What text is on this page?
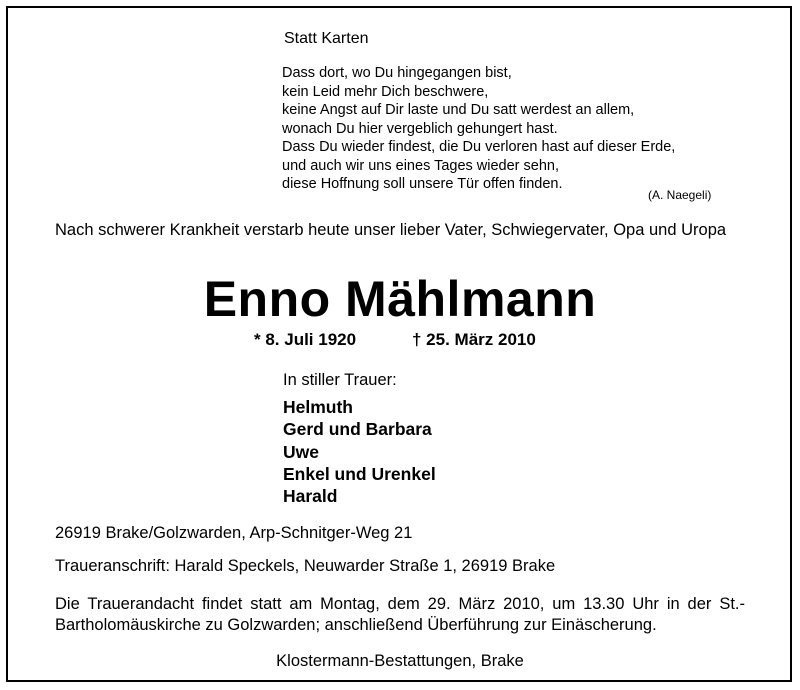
Statt Karten
Dass dort, wo Du hingegangen bist,
kein Leid mehr Dich beschwere,
keine Angst auf Dir laste und Du satt werdest an allem,
wonach Du hier vergeblich gehungert hast.
Dass Du wieder findest, die Du verloren hast auf dieser Erde,
und auch wir uns eines Tages wieder sehn,
diese Hoffnung soll unsere Tür offen finden.
(A. Naegeli)
Nach schwerer Krankheit verstarb heute unser lieber Vater, Schwiegervater, Opa und Uropa
Enno Mählmann
* 8. Juli 1920	† 25. März 2010
In stiller Trauer:
Helmuth
Gerd und Barbara
Uwe
Enkel und Urenkel
Harald
26919 Brake/Golzwarden, Arp-Schnitger-Weg 21
Traueranschrift: Harald Speckels, Neuwarder Straße 1, 26919 Brake
Die Trauerandacht findet statt am Montag, dem 29. März 2010, um 13.30 Uhr in der St.-Bartholomäuskirche zu Golzwarden; anschließend Überführung zur Einäscherung.
Klostermann-Bestattungen, Brake
